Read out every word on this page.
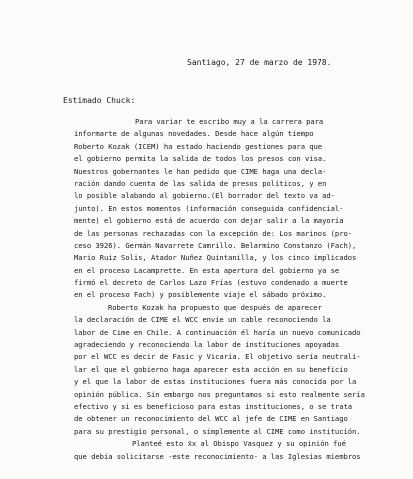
Santiago, 27 de marzo de 1978.
Estimado Chuck:
Para variar te escribo muy a la carrera para
informarte de algunas novedades. Desde hace algún tiempo
Roberto Kozak (ICEM) ha estado haciendo gestiones para que
el gobierno permita la salida de todos los presos con visa.
Nuestros gobernantes le han pedido que CIME haga una decla-
ración dando cuenta de las salida de presos políticos, y en
lo posible alabando al gobierno.(El borrador del texto va ad-
junto). En estos momentos (información conseguida confidencial-
mente) el gobierno está de acuerdo con dejar salir a la mayoría
de las personas rechazadas con la excepción de: Los marinos (pro-
ceso 3926). Germán Navarrete Camrillo. Belarmino Constanzo (Fach),
Mario Ruiz Solis, Atador Nuñez Quintanilla, y los cinco implicados
en el proceso Lacamprette. En esta apertura del gobierno ya se
firmó el decreto de Carlos Lazo Frías (estuvo condenado a muerte
en el proceso Fach) y posiblemente viaje el sábado próximo.
Roberto Kozak ha propuesto que después de aparecer
la declaración de CIME el WCC envíe un cable reconociendo la
labor de Cime en Chile. A continuación él haría un nuevo comunicado
agradeciendo y reconociendo la labor de instituciones apoyadas
por el WCC es decir de Fasic y Vicaría. El objetivo sería neutrali-
lar el que el gobierno haga aparecer esta acción en su beneficio
y el que la labor de estas instituciones fuera más conocida por la
opinión pública. Sin embargo nos preguntamos si esto realmente sería
efectivo y si es beneficioso para estas instituciones, o se trata
de obtener un reconocimiento del WCC al jefe de CIME en Santiago
para su prestigio personal, o simplemente al CIME como institución.
Planteé esto ẍx al Obispo Vasquez y su opinión fué
que debía solicitarse -este reconocimiento- a las Iglesias miembros
